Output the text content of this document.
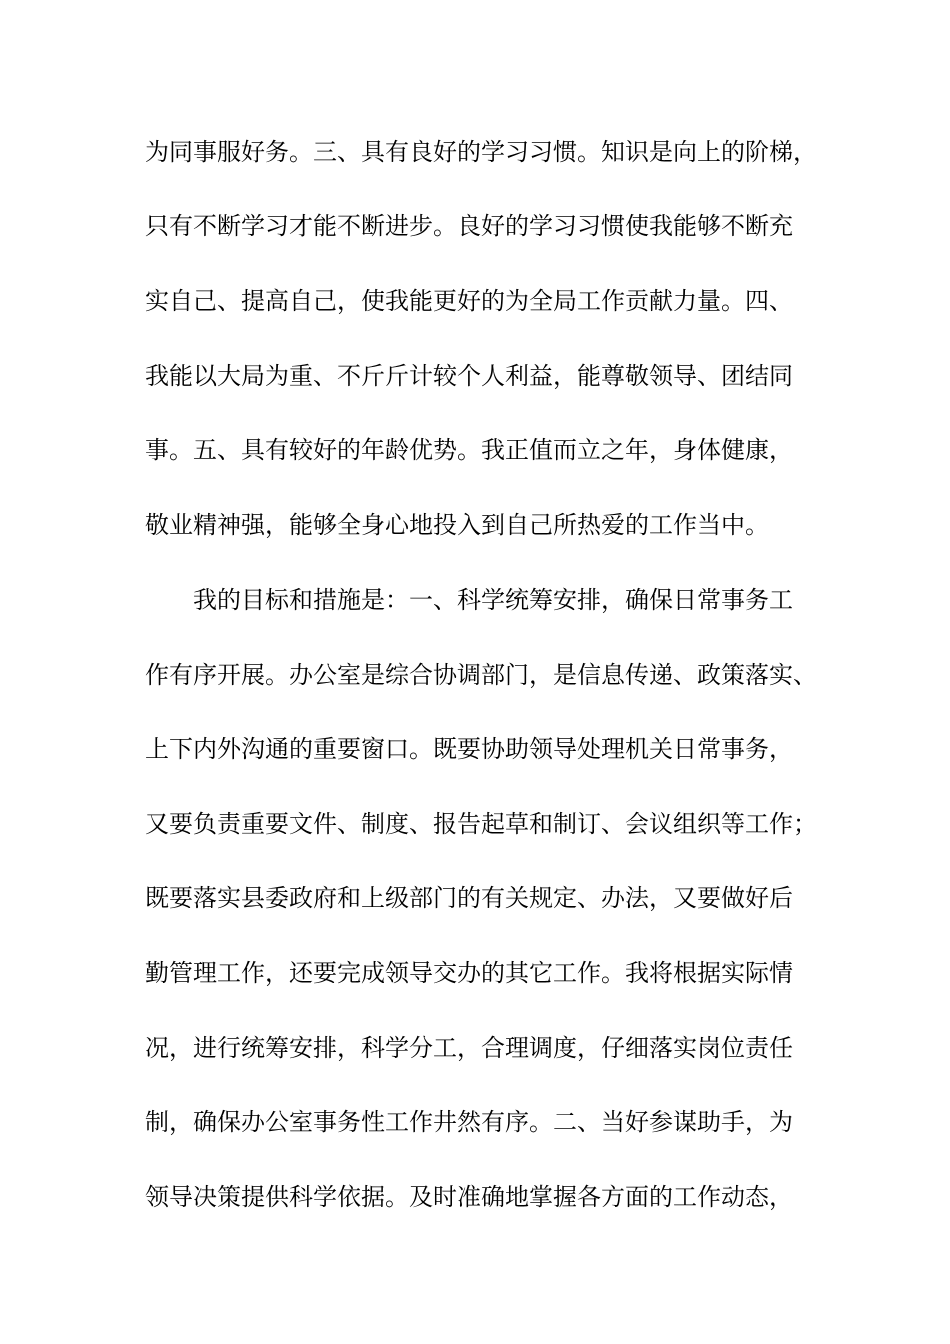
为同事服好务。三、具有良好的学习习惯。知识是向上的阶梯，
只有不断学习才能不断进步。良好的学习习惯使我能够不断充
实自己、提高自己，使我能更好的为全局工作贡献力量。四、
我能以大局为重、不斤斤计较个人利益，能尊敬领导、团结同
事。五、具有较好的年龄优势。我正值而立之年，身体健康，
敬业精神强，能够全身心地投入到自己所热爱的工作当中。
我的目标和措施是：一、科学统筹安排，确保日常事务工
作有序开展。办公室是综合协调部门，是信息传递、政策落实、
上下内外沟通的重要窗口。既要协助领导处理机关日常事务，
又要负责重要文件、制度、报告起草和制订、会议组织等工作；
既要落实县委政府和上级部门的有关规定、办法，又要做好后
勤管理工作，还要完成领导交办的其它工作。我将根据实际情
况，进行统筹安排，科学分工，合理调度，仔细落实岗位责任
制，确保办公室事务性工作井然有序。二、当好参谋助手，为
领导决策提供科学依据。及时准确地掌握各方面的工作动态，
